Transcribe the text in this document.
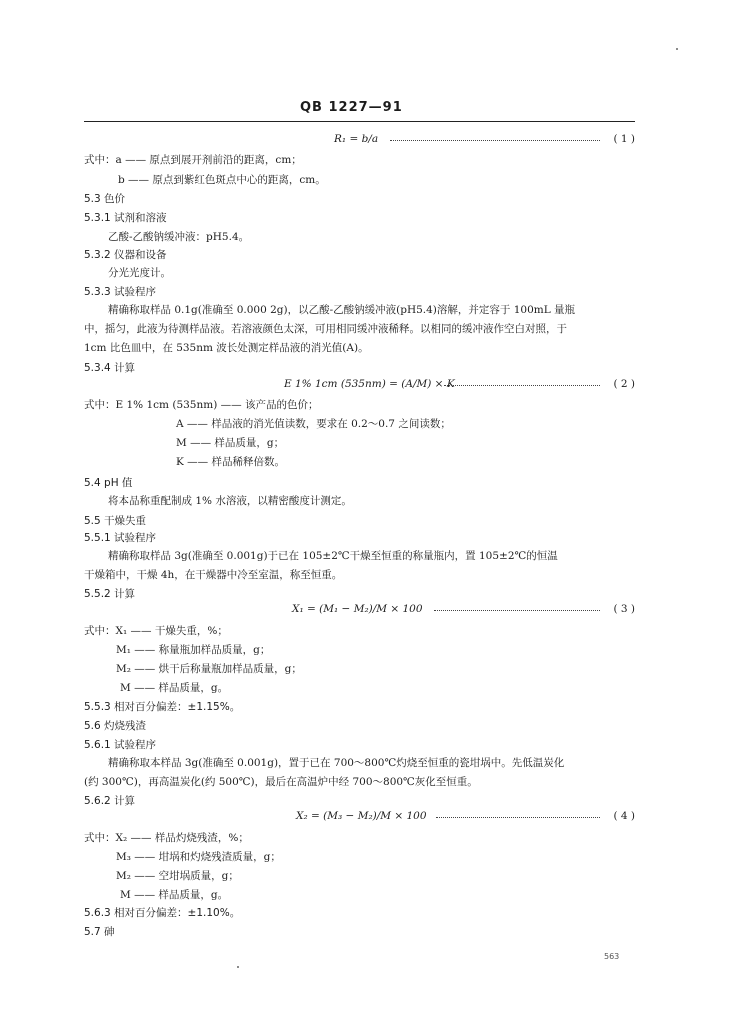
QB 1227—91
R₁ = b/a	( 1 )
式中：a —— 原点到展开剂前沿的距离，cm；
b —— 原点到紫红色斑点中心的距离，cm。
5.3 色价
5.3.1 试剂和溶液
乙酸-乙酸钠缓冲液：pH5.4。
5.3.2 仪器和设备
分光光度计。
5.3.3 试验程序
精确称取样品 0.1g(准确至 0.000 2g)，以乙酸-乙酸钠缓冲液(pH5.4)溶解，并定容于 100mL 量瓶
中，摇匀，此液为待测样品液。若溶液颜色太深，可用相同缓冲液稀释。以相同的缓冲液作空白对照，于
1cm 比色皿中，在 535nm 波长处测定样品液的消光值(A)。
5.3.4 计算
E 1% 1cm (535nm) = (A/M) × K	( 2 )
式中：E 1% 1cm (535nm) —— 该产品的色价；
A —— 样品液的消光值读数，要求在 0.2～0.7 之间读数；
M —— 样品质量，g；
K —— 样品稀释倍数。
5.4 pH 值
将本品称重配制成 1% 水溶液，以精密酸度计测定。
5.5 干燥失重
5.5.1 试验程序
精确称取样品 3g(准确至 0.001g)于已在 105±2℃干燥至恒重的称量瓶内，置 105±2℃的恒温
干燥箱中，干燥 4h，在干燥器中冷至室温，称至恒重。
5.5.2 计算
X₁ = (M₁ − M₂)/M × 100	( 3 )
式中：X₁ —— 干燥失重，%；
M₁ —— 称量瓶加样品质量，g；
M₂ —— 烘干后称量瓶加样品质量，g；
M —— 样品质量，g。
5.5.3 相对百分偏差：±1.15%。
5.6 灼烧残渣
5.6.1 试验程序
精确称取本样品 3g(准确至 0.001g)，置于已在 700～800℃灼烧至恒重的瓷坩埚中。先低温炭化
(约 300℃)，再高温炭化(约 500℃)，最后在高温炉中经 700～800℃灰化至恒重。
5.6.2 计算
X₂ = (M₃ − M₂)/M × 100	( 4 )
式中：X₂ —— 样品灼烧残渣，%；
M₃ —— 坩埚和灼烧残渣质量，g；
M₂ —— 空坩埚质量，g；
M —— 样品质量，g。
5.6.3 相对百分偏差：±1.10%。
5.7 砷
563
